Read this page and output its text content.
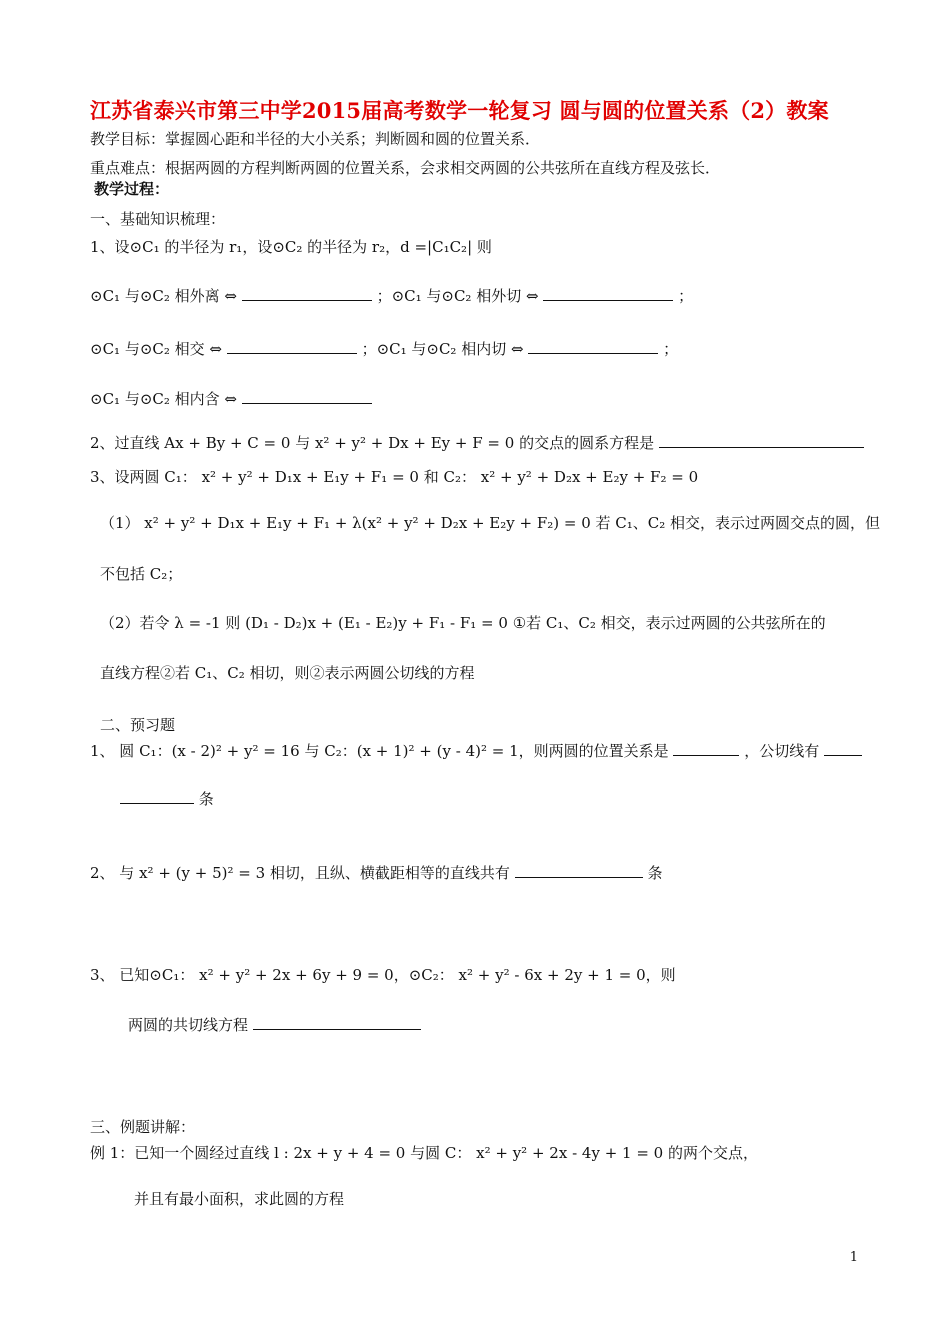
江苏省泰兴市第三中学2015届高考数学一轮复习 圆与圆的位置关系（2）教案
教学目标：掌握圆心距和半径的大小关系；判断圆和圆的位置关系．
重点难点：根据两圆的方程判断两圆的位置关系，会求相交两圆的公共弦所在直线方程及弦长．
教学过程：
一、基础知识梳理：
1、设⊙C₁ 的半径为 r₁，设⊙C₂ 的半径为 r₂，d =|C₁C₂| 则
⊙C₁ 与⊙C₂ 相外离 ⇔	；⊙C₁ 与⊙C₂ 相外切 ⇔	；
⊙C₁ 与⊙C₂ 相交 ⇔	；⊙C₁ 与⊙C₂ 相内切 ⇔	；
⊙C₁ 与⊙C₂ 相内含 ⇔
2、过直线 Ax + By + C = 0 与 x² + y² + Dx + Ey + F = 0 的交点的圆系方程是
3、设两圆 C₁： x² + y² + D₁x + E₁y + F₁ = 0 和 C₂： x² + y² + D₂x + E₂y + F₂ = 0
（1） x² + y² + D₁x + E₁y + F₁ + λ(x² + y² + D₂x + E₂y + F₂) = 0 若 C₁、C₂ 相交，表示过两圆交点的圆，但
不包括 C₂；
（2）若令 λ = -1 则 (D₁ - D₂)x + (E₁ - E₂)y + F₁ - F₁ = 0 ①若 C₁、C₂ 相交，表示过两圆的公共弦所在的
直线方程②若 C₁、C₂ 相切，则②表示两圆公切线的方程
二、预习题
1、 圆 C₁：(x - 2)² + y² = 16 与 C₂：(x + 1)² + (y - 4)² = 1，则两圆的位置关系是	，公切线有
条
2、 与 x² + (y + 5)² = 3 相切，且纵、横截距相等的直线共有	条
3、 已知⊙C₁： x² + y² + 2x + 6y + 9 = 0，⊙C₂： x² + y² - 6x + 2y + 1 = 0，则
两圆的共切线方程
三、例题讲解：
例 1：已知一个圆经过直线 l : 2x + y + 4 = 0 与圆 C： x² + y² + 2x - 4y + 1 = 0 的两个交点，
并且有最小面积，求此圆的方程
1
